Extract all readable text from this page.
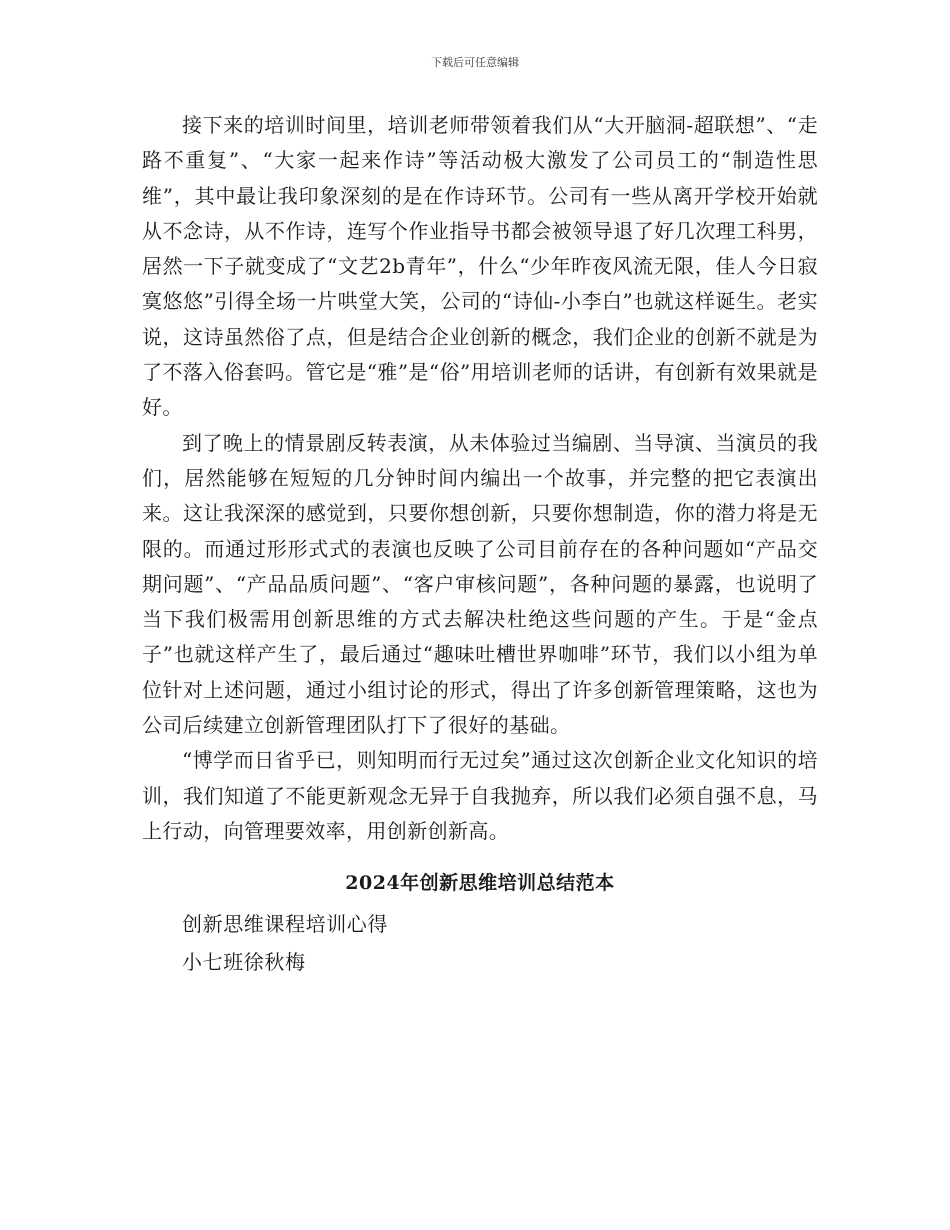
下载后可任意编辑

接下来的培训时间里，培训老师带领着我们从“大开脑洞-超联想”、“走路不重复”、“大家一起来作诗”等活动极大激发了公司员工的“制造性思维”，其中最让我印象深刻的是在作诗环节。公司有一些从离开学校开始就从不念诗，从不作诗，连写个作业指导书都会被领导退了好几次理工科男，居然一下子就变成了“文艺2b青年”，什么“少年昨夜风流无限，佳人今日寂寞悠悠”引得全场一片哄堂大笑，公司的“诗仙-小李白”也就这样诞生。老实说，这诗虽然俗了点，但是结合企业创新的概念，我们企业的创新不就是为了不落入俗套吗。管它是“雅”是“俗”用培训老师的话讲，有创新有效果就是好。

到了晚上的情景剧反转表演，从未体验过当编剧、当导演、当演员的我们，居然能够在短短的几分钟时间内编出一个故事，并完整的把它表演出来。这让我深深的感觉到，只要你想创新，只要你想制造，你的潜力将是无限的。而通过形形式式的表演也反映了公司目前存在的各种问题如“产品交期问题”、“产品品质问题”、“客户审核问题”，各种问题的暴露，也说明了当下我们极需用创新思维的方式去解决杜绝这些问题的产生。于是“金点子”也就这样产生了，最后通过“趣味吐槽世界咖啡”环节，我们以小组为单位针对上述问题，通过小组讨论的形式，得出了许多创新管理策略，这也为公司后续建立创新管理团队打下了很好的基础。

“博学而日省乎已，则知明而行无过矣”通过这次创新企业文化知识的培训，我们知道了不能更新观念无异于自我抛弃，所以我们必须自强不息，马上行动，向管理要效率，用创新创新高。

2024年创新思维培训总结范本

创新思维课程培训心得

小七班徐秋梅
